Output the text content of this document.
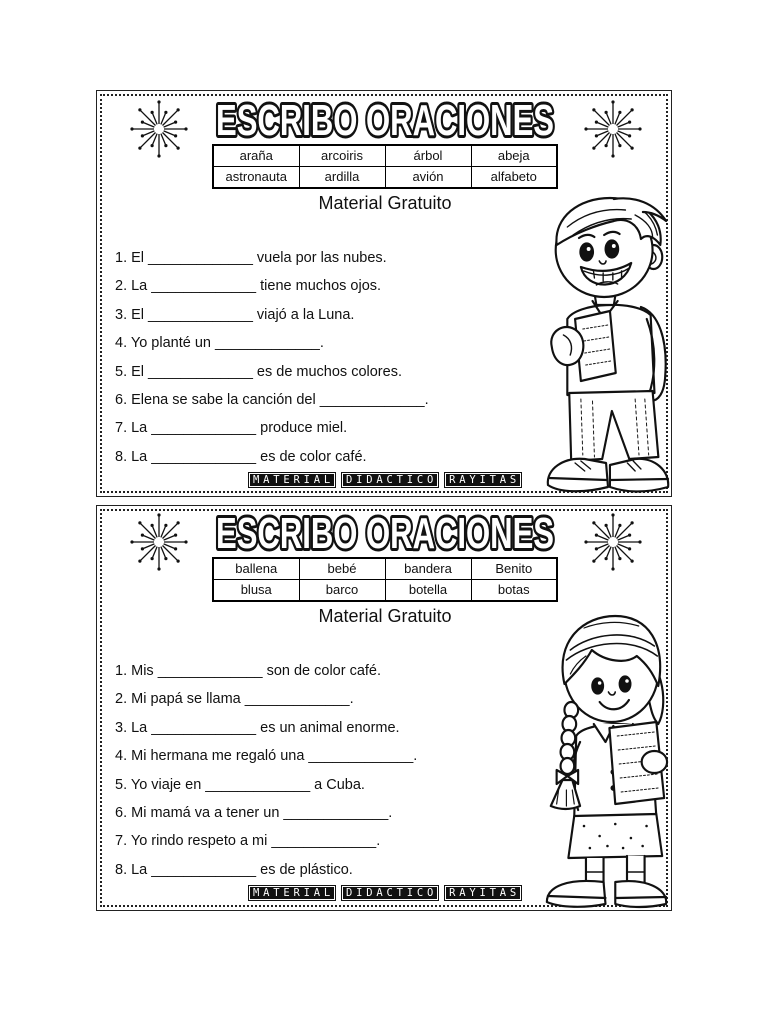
ESCRIBO ORACIONES
araña	arcoiris	árbol	abeja
astronauta	ardilla	avión	alfabeto
Material Gratuito
1. El _____________ vuela por las nubes.
2. La _____________ tiene muchos ojos.
3. El _____________ viajó a la Luna.
4. Yo planté un _____________.
5. El _____________ es de muchos colores.
6. Elena se sabe la canción del _____________.
7. La _____________ produce miel.
8. La _____________ es de color café.
MATERIAL	DIDACTICO	RAYITAS
ESCRIBO ORACIONES
ballena	bebé	bandera	Benito
blusa	barco	botella	botas
Material Gratuito
1. Mis _____________ son de color café.
2. Mi papá se llama _____________.
3. La _____________ es un animal enorme.
4. Mi hermana me regaló una _____________.
5. Yo viaje en _____________ a Cuba.
6. Mi mamá va a tener un _____________.
7. Yo rindo respeto a mi _____________.
8. La _____________ es de plástico.
MATERIAL	DIDACTICO	RAYITAS
